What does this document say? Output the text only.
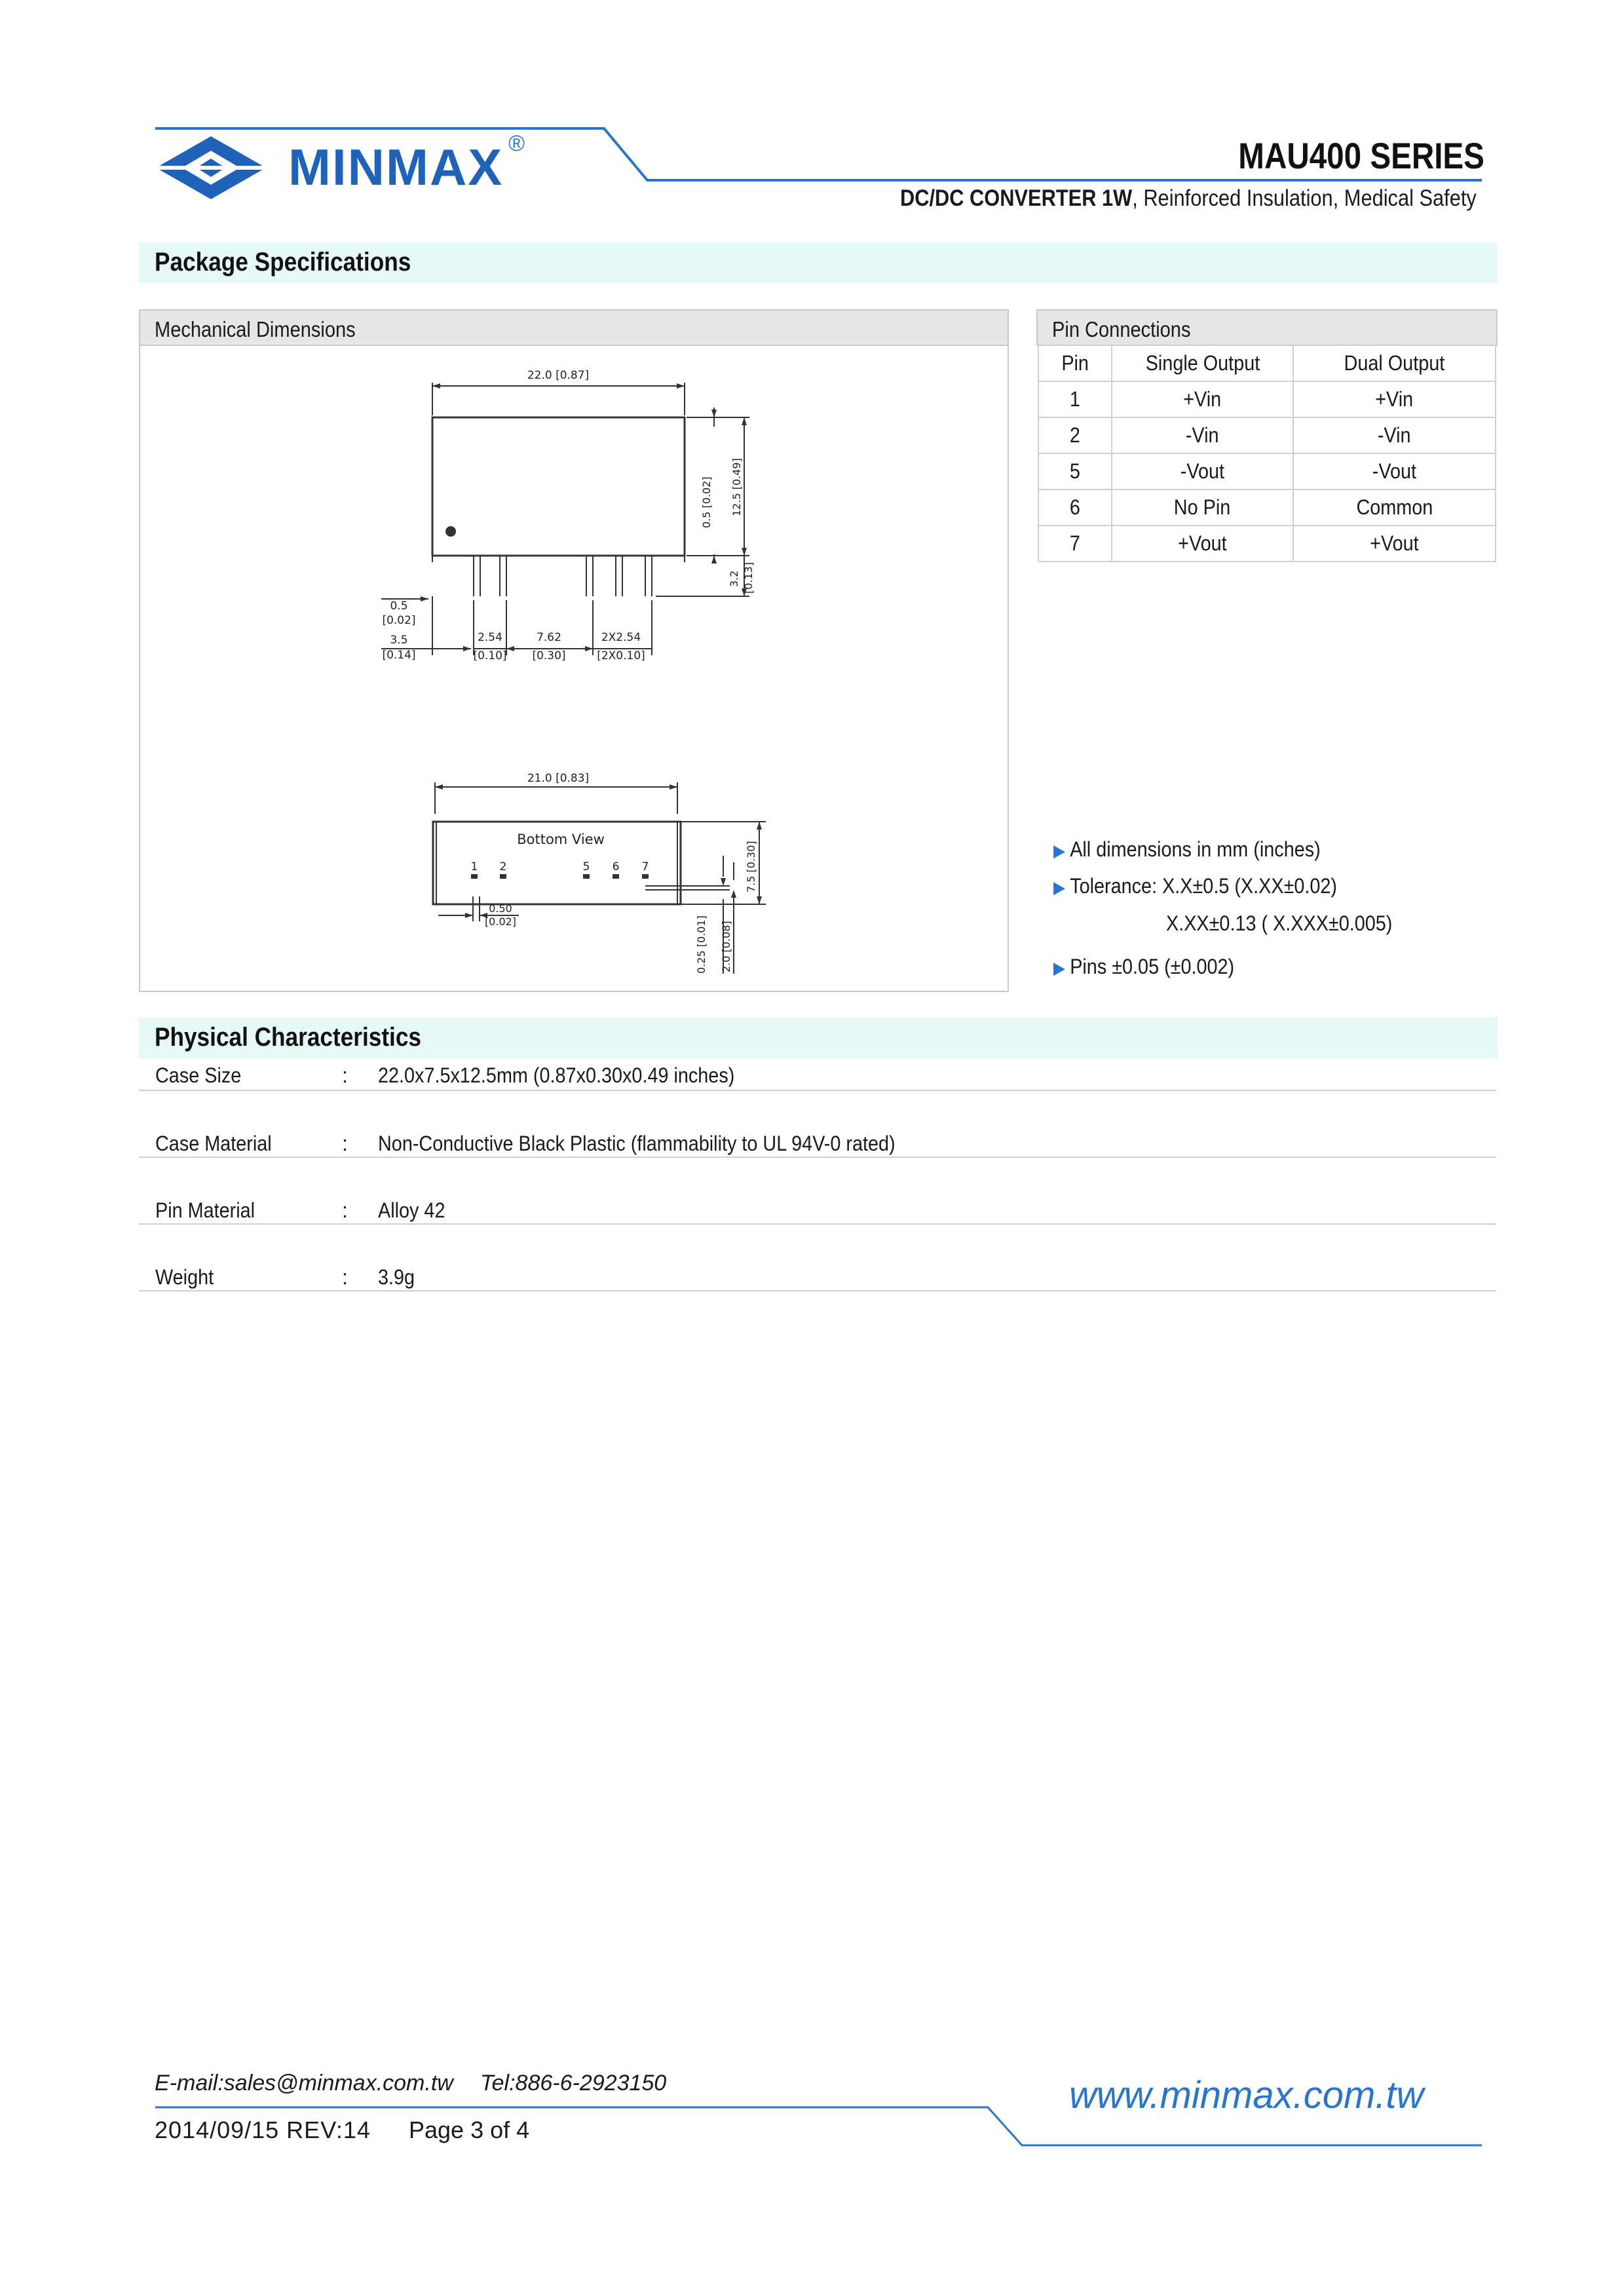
MINMAX ®	MAU400 SERIES
DC/DC CONVERTER 1W, Reinforced Insulation, Medical Safety
Package Specifications
Mechanical Dimensions
22.0 [0.87]
0.5 [0.02] 12.5 [0.49]
3.2 [0.13]
0.5
[0.02]
3.5
[0.14]
2.54
[0.10]
7.62
[0.30]
2X2.54
[2X0.10]
21.0 [0.83]
Bottom View
1 2	5 6 7	7.5 [0.30]
0.50
[0.02]	0.25 [0.01] 2.0 [0.08]
Pin Connections
Pin	Single Output	Dual Output
1	+Vin	+Vin
2	-Vin	-Vin
5	-Vout	-Vout
6	No Pin	Common
7	+Vout	+Vout
▶ All dimensions in mm (inches)
▶ Tolerance: X.X±0.5 (X.XX±0.02)
X.XX±0.13 ( X.XXX±0.005)
▶ Pins ±0.05 (±0.002)
Physical Characteristics
Case Size	: 22.0x7.5x12.5mm (0.87x0.30x0.49 inches)
Case Material	: Non-Conductive Black Plastic (flammability to UL 94V-0 rated)
Pin Material	: Alloy 42
Weight	: 3.9g
E-mail:sales@minmax.com.tw Tel:886-6-2923150
2014/09/15 REV:14 Page 3 of 4
www.minmax.com.tw
